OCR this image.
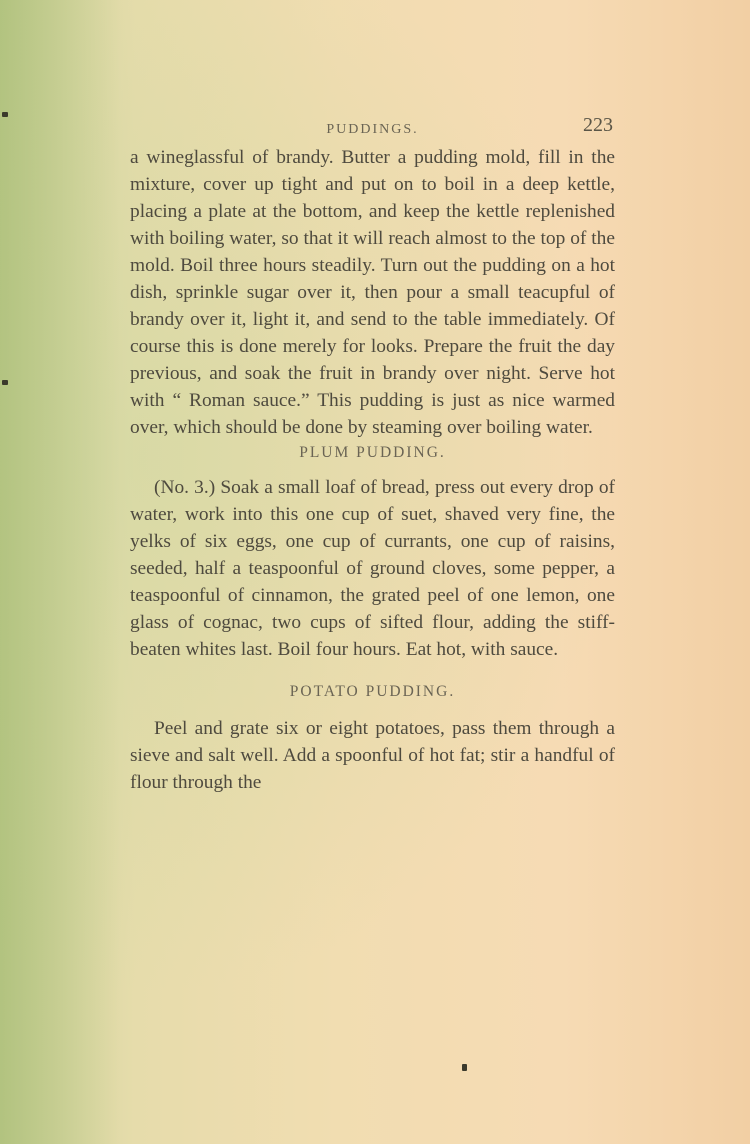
PUDDINGS.	223

a wineglassful of brandy. Butter a pudding mold, fill in the mixture, cover up tight and put on to boil in a deep kettle, placing a plate at the bottom, and keep the kettle replenished with boiling water, so that it will reach almost to the top of the mold. Boil three hours steadily. Turn out the pudding on a hot dish, sprinkle sugar over it, then pour a small teacupful of brandy over it, light it, and send to the table immediately. Of course this is done merely for looks. Prepare the fruit the day previous, and soak the fruit in brandy over night. Serve hot with “ Roman sauce.” This pudding is just as nice warmed over, which should be done by steaming over boiling water.

PLUM PUDDING.

(No. 3.) Soak a small loaf of bread, press out every drop of water, work into this one cup of suet, shaved very fine, the yelks of six eggs, one cup of currants, one cup of raisins, seeded, half a teaspoonful of ground cloves, some pepper, a teaspoonful of cinnamon, the grated peel of one lemon, one glass of cognac, two cups of sifted flour, adding the stiff-beaten whites last. Boil four hours. Eat hot, with sauce.

POTATO PUDDING.

Peel and grate six or eight potatoes, pass them through a sieve and salt well. Add a spoonful of hot fat; stir a handful of flour through the
